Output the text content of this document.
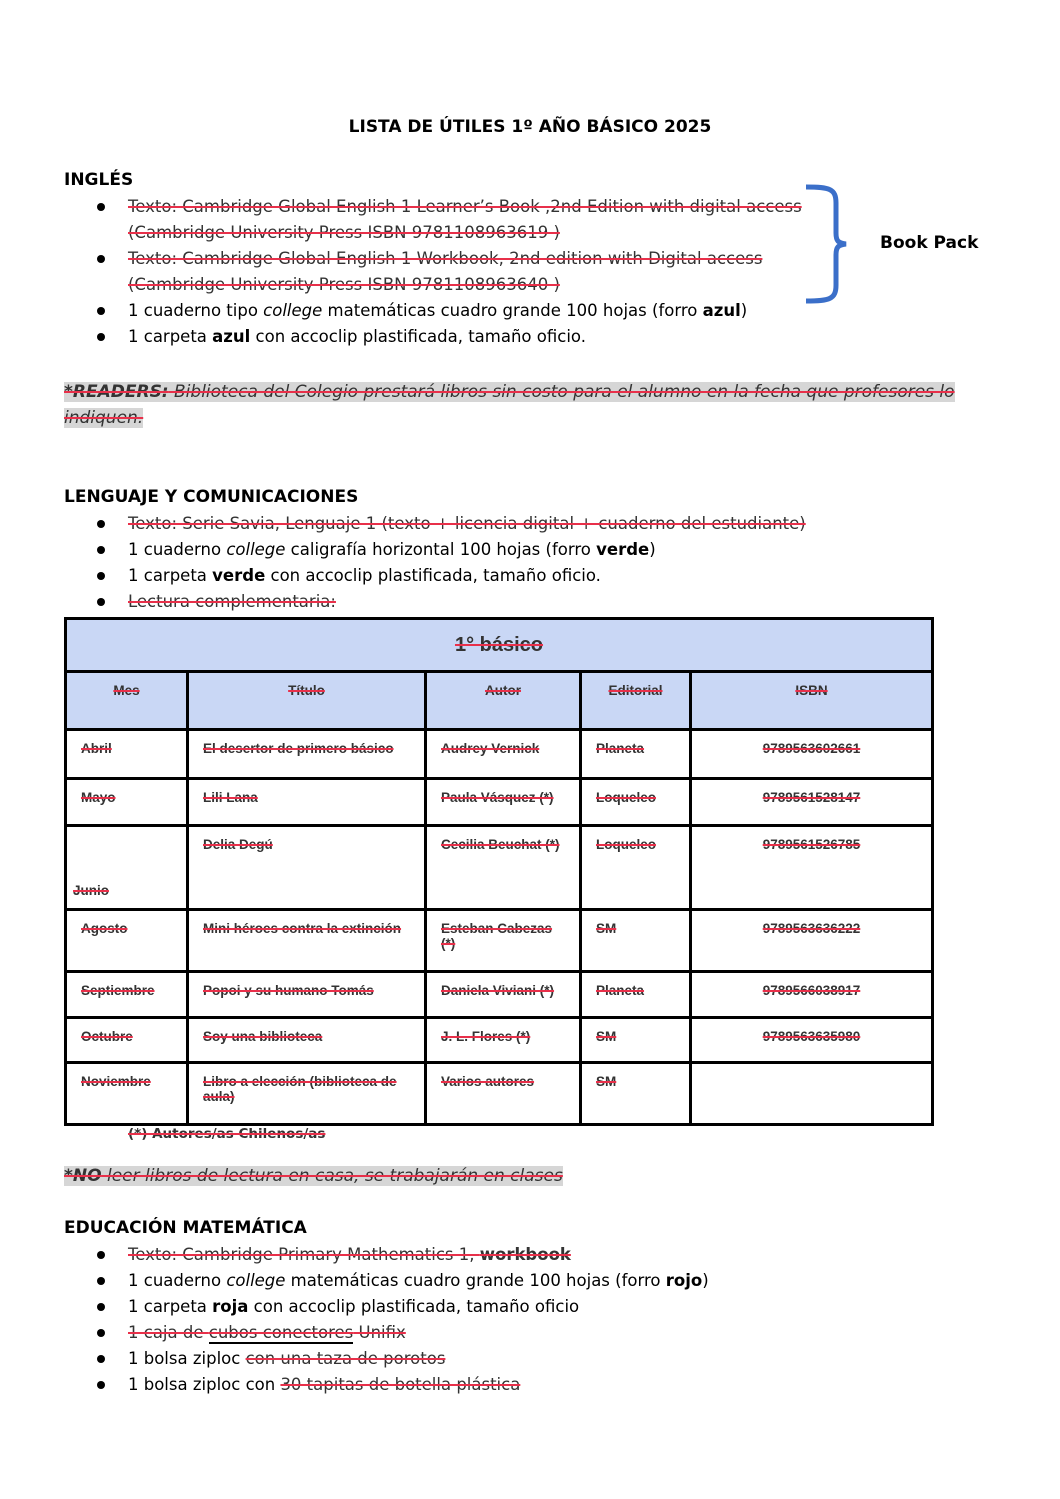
LISTA DE ÚTILES 1º AÑO BÁSICO 2025
INGLÉS
Texto: Cambridge Global English 1 Learner’s Book ,2nd Edition with digital access
(Cambridge University Press ISBN 9781108963619 )
Texto: Cambridge Global English 1 Workbook, 2nd edition with Digital access
(Cambridge University Press ISBN 9781108963640 )
1 cuaderno tipo college matemáticas cuadro grande 100 hojas (forro azul)
1 carpeta azul con accoclip plastificada, tamaño oficio.
Book Pack
*READERS: Biblioteca del Colegio prestará libros sin costo para el alumno en la fecha que profesores lo
indiquen.
LENGUAJE Y COMUNICACIONES
Texto: Serie Savia, Lenguaje 1 (texto + licencia digital + cuaderno del estudiante)
1 cuaderno college caligrafía horizontal 100 hojas (forro verde)
1 carpeta verde con accoclip plastificada, tamaño oficio.
Lectura complementaria:
1° básico				
Mes	Título	Autor	Editorial	ISBN
Abril	El desertor de primero básico	Audrey Vernick	Planeta	9789563602661
Mayo	Lili Lana	Paula Vásquez (*)	Loqueleo	9789561528147
Junio	Delia Degú	Cecilia Beuchat (*)	Loqueleo	9789561526785
Agosto	Mini héroes contra la extinción	Esteban Cabezas (*)	SM	9789563636222
Septiembre	Popoi y su humano Tomás	Daniela Viviani (*)	Planeta	9789566038917
Octubre	Soy una biblioteca	J. L. Flores (*)	SM	9789563635980
Noviembre	Libro a elección (biblioteca de aula)	Varios autores	SM	
(*) Autores/as Chilenos/as
*NO leer libros de lectura en casa, se trabajarán en clases
EDUCACIÓN MATEMÁTICA
Texto: Cambridge Primary Mathematics 1, workbook
1 cuaderno college matemáticas cuadro grande 100 hojas (forro rojo)
1 carpeta roja con accoclip plastificada, tamaño oficio
1 caja de cubos conectores Unifix
1 bolsa ziploc con una taza de porotos
1 bolsa ziploc con 30 tapitas de botella plástica
